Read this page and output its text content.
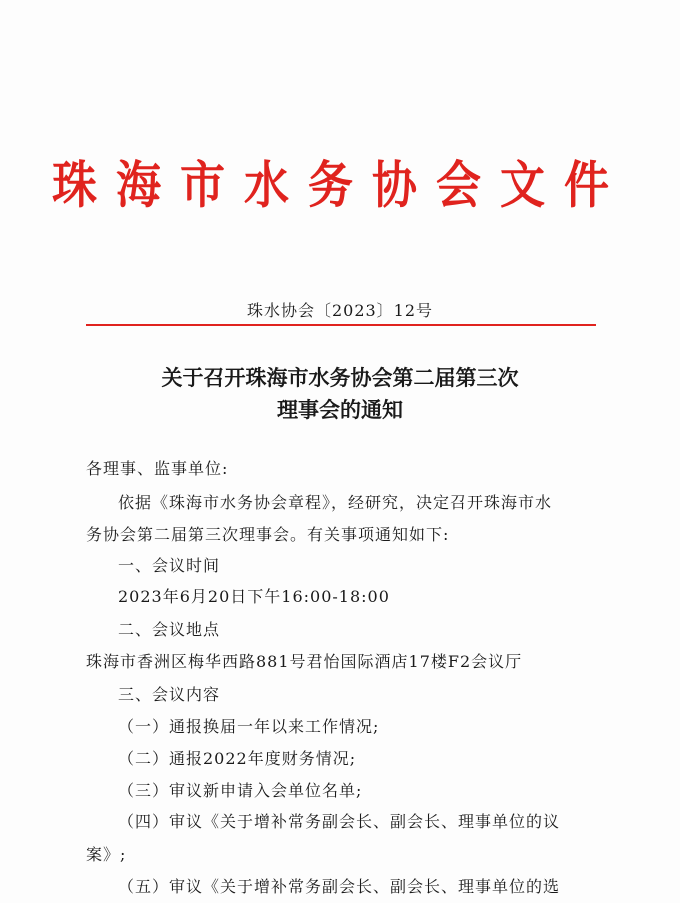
珠海市水务协会文件
珠水协会〔2023〕12号
关于召开珠海市水务协会第二届第三次
理事会的通知
各理事、监事单位:
依据《珠海市水务协会章程》，经研究，决定召开珠海市水
务协会第二届第三次理事会。有关事项通知如下:
一、会议时间
2023年6月20日下午16:00-18:00
二、会议地点
珠海市香洲区梅华西路881号君怡国际酒店17楼F2会议厅
三、会议内容
（一）通报换届一年以来工作情况;
（二）通报2022年度财务情况;
（三）审议新申请入会单位名单;
（四）审议《关于增补常务副会长、副会长、理事单位的议
案》;
（五）审议《关于增补常务副会长、副会长、理事单位的选
